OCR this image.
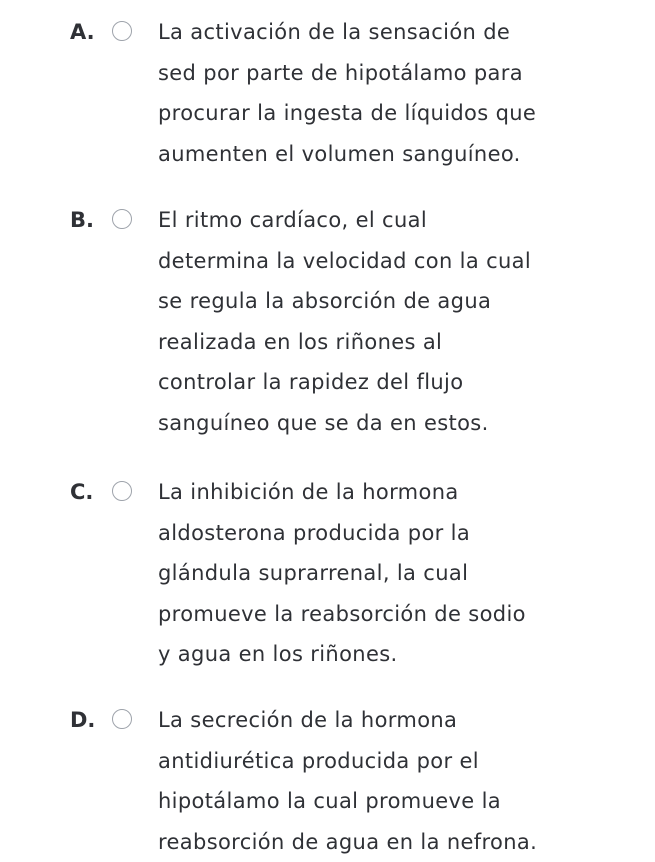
A.	La activación de la sensación de
sed por parte de hipotálamo para
procurar la ingesta de líquidos que
aumenten el volumen sanguíneo.

B.	El ritmo cardíaco, el cual
determina la velocidad con la cual
se regula la absorción de agua
realizada en los riñones al
controlar la rapidez del flujo
sanguíneo que se da en estos.

C.	La inhibición de la hormona
aldosterona producida por la
glándula suprarrenal, la cual
promueve la reabsorción de sodio
y agua en los riñones.

D.	La secreción de la hormona
antidiurética producida por el
hipotálamo la cual promueve la
reabsorción de agua en la nefrona.
